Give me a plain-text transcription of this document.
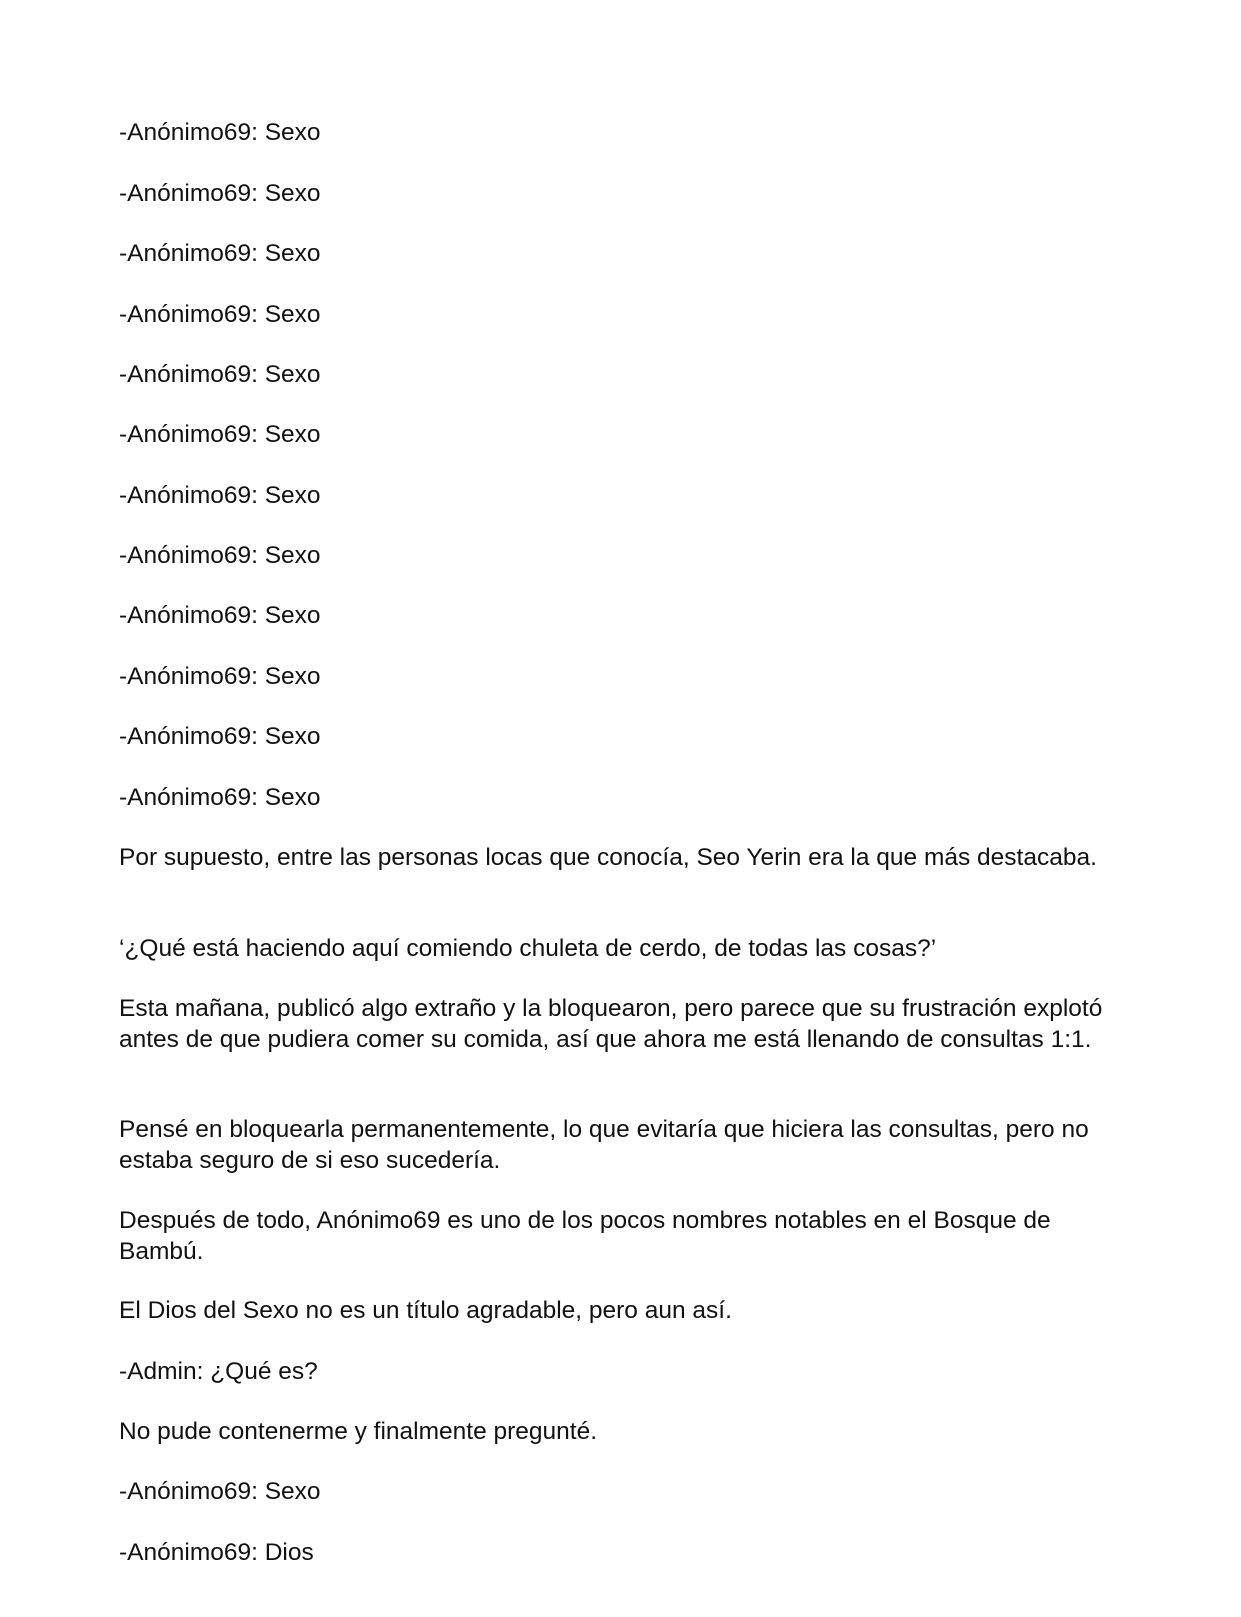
-Anónimo69: Sexo

-Anónimo69: Sexo

-Anónimo69: Sexo

-Anónimo69: Sexo

-Anónimo69: Sexo

-Anónimo69: Sexo

-Anónimo69: Sexo

-Anónimo69: Sexo

-Anónimo69: Sexo

-Anónimo69: Sexo

-Anónimo69: Sexo

-Anónimo69: Sexo

Por supuesto, entre las personas locas que conocía, Seo Yerin era la que más destacaba.

‘¿Qué está haciendo aquí comiendo chuleta de cerdo, de todas las cosas?’

Esta mañana, publicó algo extraño y la bloquearon, pero parece que su frustración explotó antes de que pudiera comer su comida, así que ahora me está llenando de consultas 1:1.

Pensé en bloquearla permanentemente, lo que evitaría que hiciera las consultas, pero no estaba seguro de si eso sucedería.

Después de todo, Anónimo69 es uno de los pocos nombres notables en el Bosque de Bambú.

El Dios del Sexo no es un título agradable, pero aun así.

-Admin: ¿Qué es?

No pude contenerme y finalmente pregunté.

-Anónimo69: Sexo

-Anónimo69: Dios
